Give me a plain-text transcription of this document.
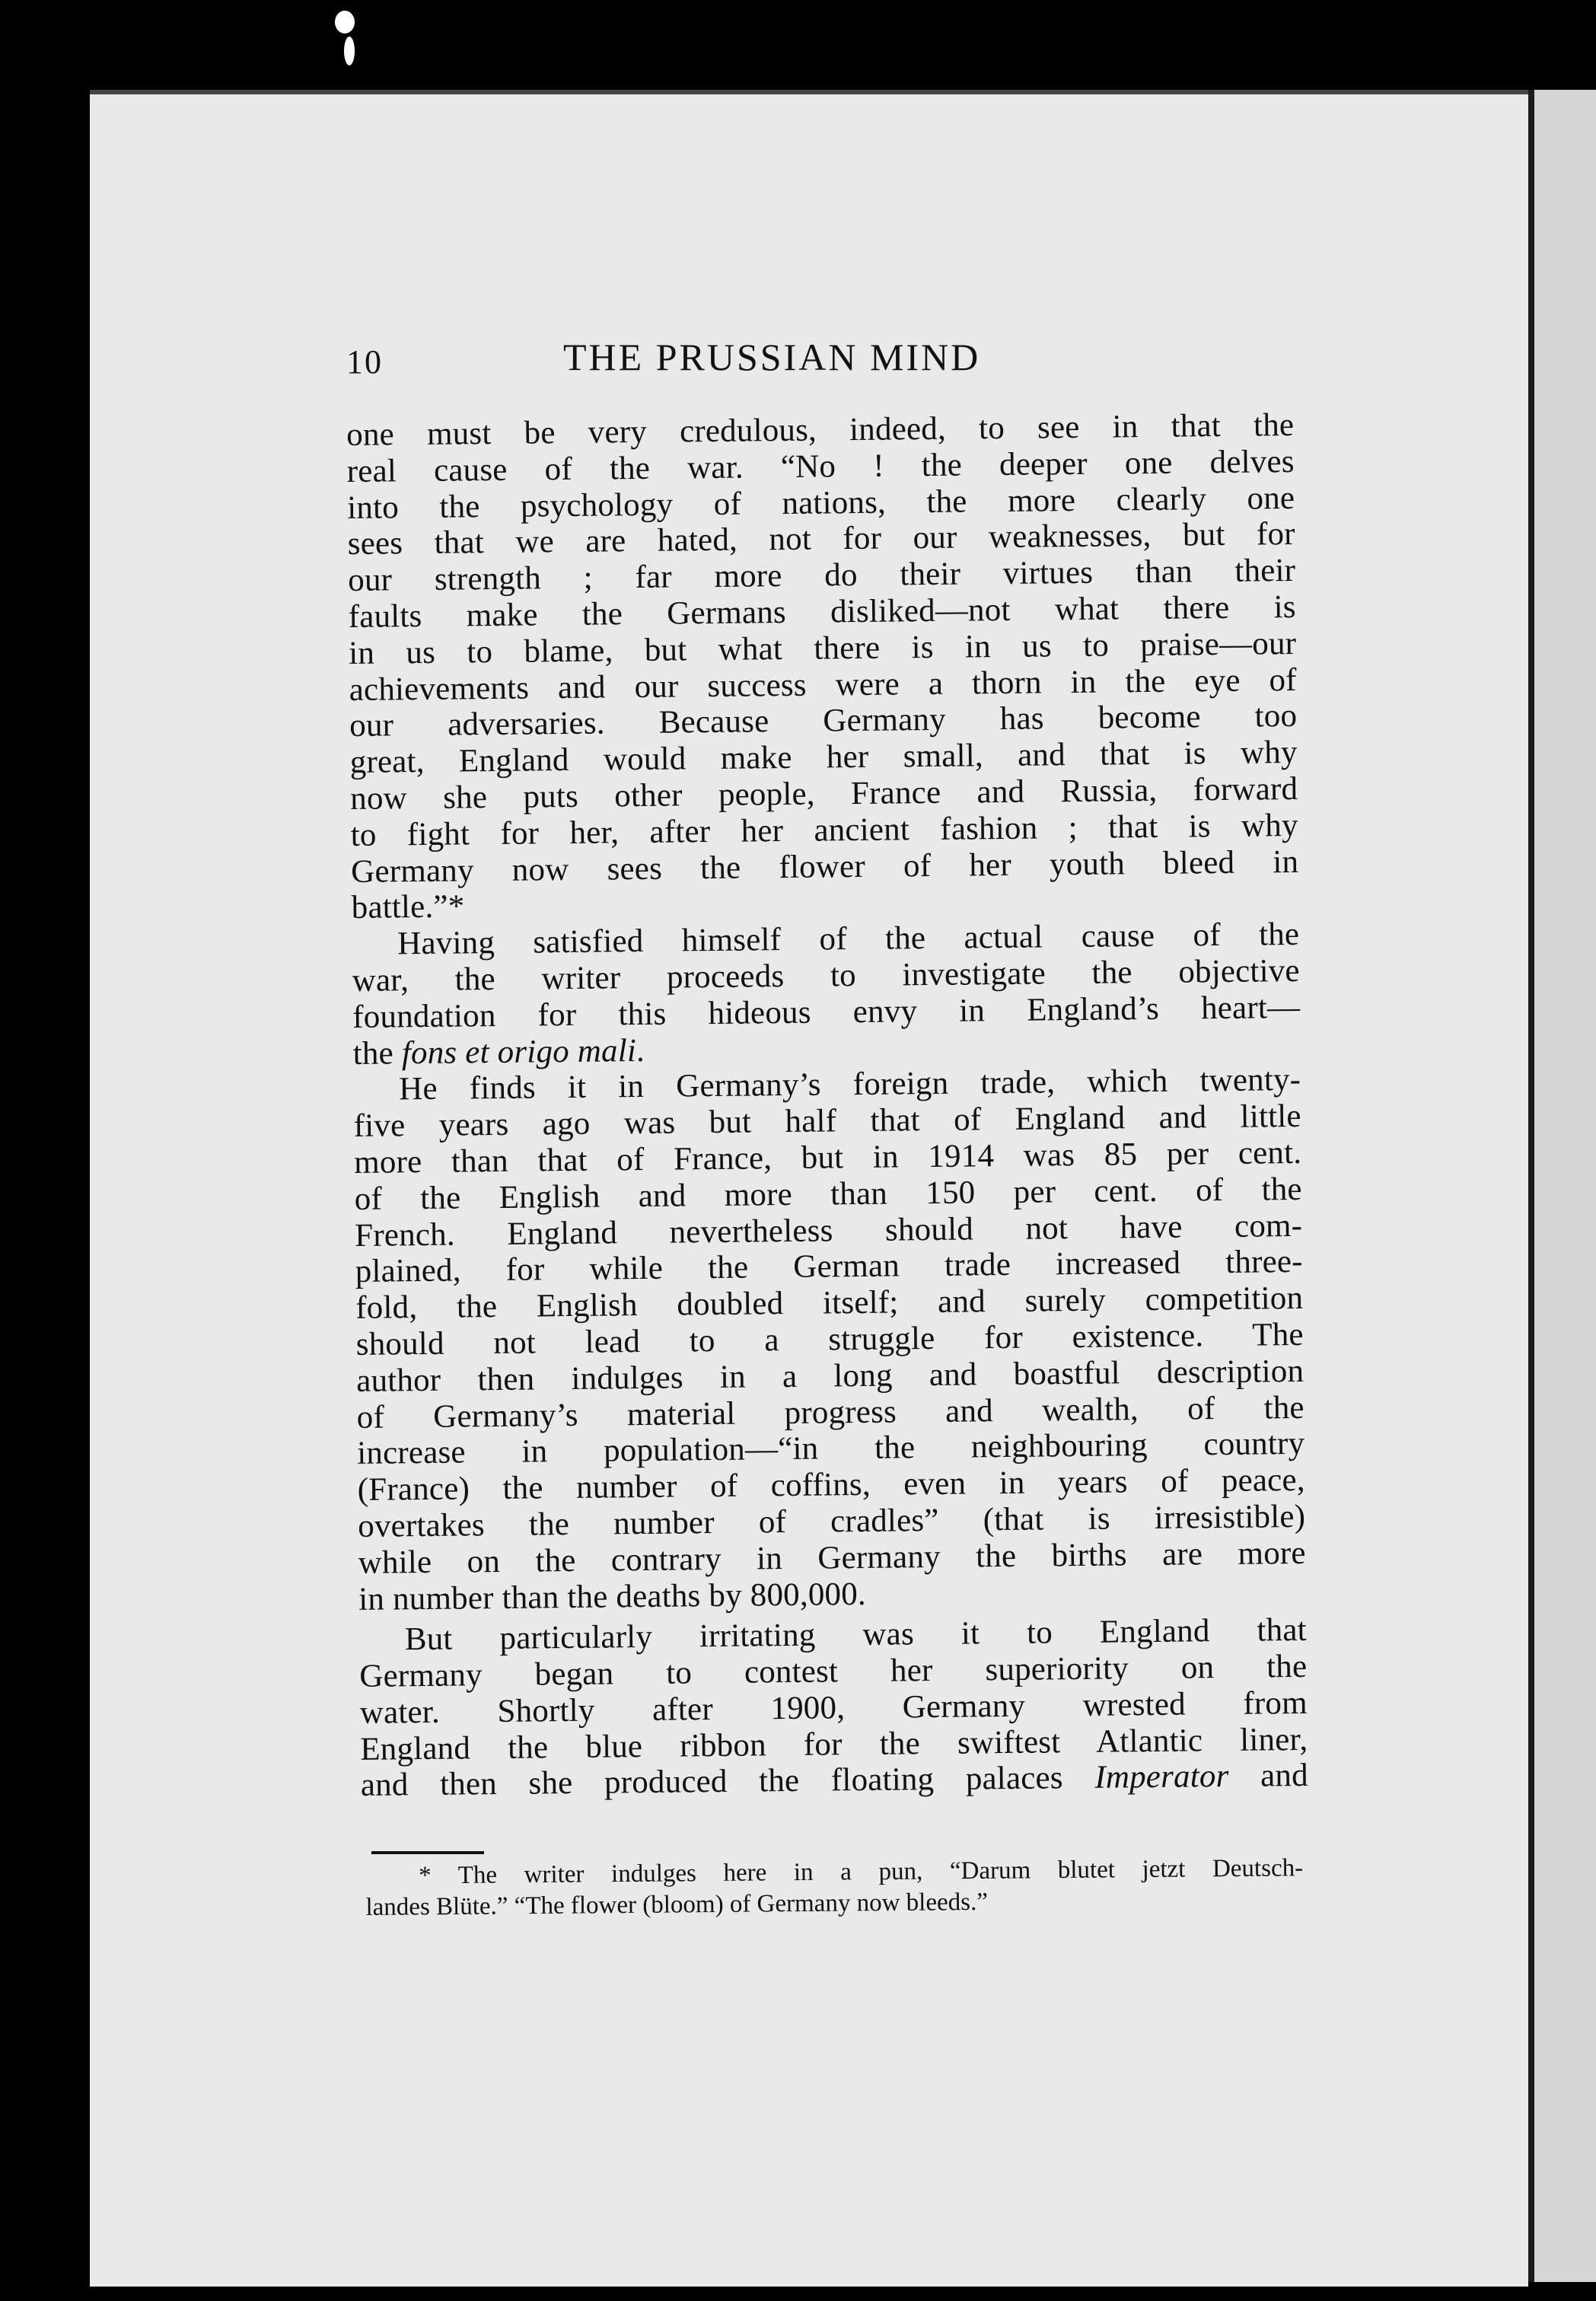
10	THE PRUSSIAN MIND
one must be very credulous, indeed, to see in that the
real cause of the war. “No ! the deeper one delves
into the psychology of nations, the more clearly one
sees that we are hated, not for our weaknesses, but for
our strength ; far more do their virtues than their
faults make the Germans disliked—not what there is
in us to blame, but what there is in us to praise—our
achievements and our success were a thorn in the eye of
our adversaries. Because Germany has become too
great, England would make her small, and that is why
now she puts other people, France and Russia, forward
to fight for her, after her ancient fashion ; that is why
Germany now sees the flower of her youth bleed in
battle.”*
Having satisfied himself of the actual cause of the
war, the writer proceeds to investigate the objective
foundation for this hideous envy in England’s heart—
the fons et origo mali.
He finds it in Germany’s foreign trade, which twenty-
five years ago was but half that of England and little
more than that of France, but in 1914 was 85 per cent.
of the English and more than 150 per cent. of the
French. England nevertheless should not have com-
plained, for while the German trade increased three-
fold, the English doubled itself; and surely competition
should not lead to a struggle for existence. The
author then indulges in a long and boastful description
of Germany’s material progress and wealth, of the
increase in population—“in the neighbouring country
(France) the number of coffins, even in years of peace,
overtakes the number of cradles” (that is irresistible)
while on the contrary in Germany the births are more
in number than the deaths by 800,000.
But particularly irritating was it to England that
Germany began to contest her superiority on the
water. Shortly after 1900, Germany wrested from
England the blue ribbon for the swiftest Atlantic liner,
and then she produced the floating palaces Imperator and
* The writer indulges here in a pun, “Darum blutet jetzt Deutsch-
landes Blüte.” “The flower (bloom) of Germany now bleeds.”
